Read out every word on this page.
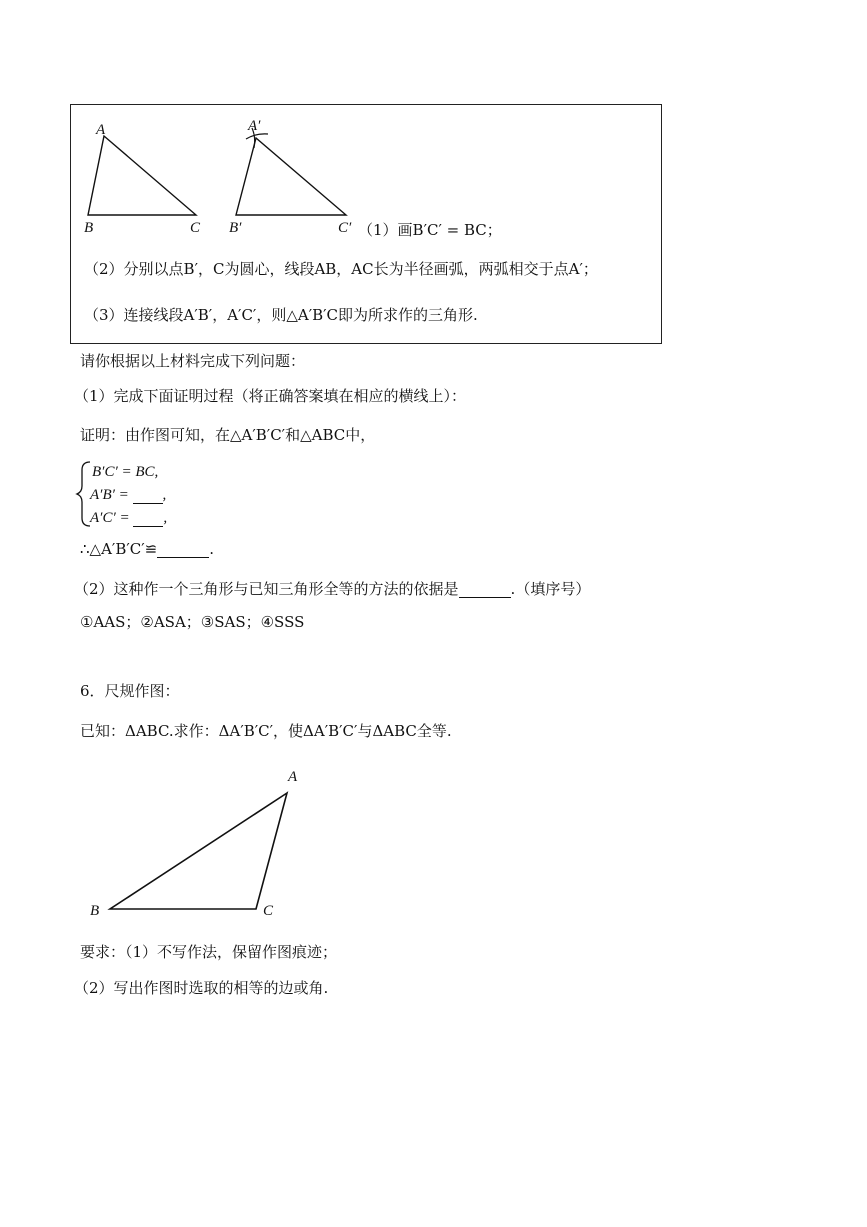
A
B	C
A′
B′	C′
A
B	C
（1）画B′C′ = BC；
（2）分别以点B′，C为圆心，线段AB，AC长为半径画弧，两弧相交于点A′；
（3）连接线段A′B′，A′C′，则△A′B′C即为所求作的三角形.
请你根据以上材料完成下列问题：
（1）完成下面证明过程（将正确答案填在相应的横线上）：
证明：由作图可知，在△A′B′C′和△ABC中，
B′C′ = BC,
A′B′ =  ,
A′C′ =  ,
∴△A′B′C′≌	.
（2）这种作一个三角形与已知三角形全等的方法的依据是	.（填序号）
①AAS；②ASA；③SAS；④SSS
6．尺规作图：
已知：ΔABC.求作：ΔA′B′C′，使ΔA′B′C′与ΔABC全等.
要求：（1）不写作法，保留作图痕迹；
（2）写出作图时选取的相等的边或角.
